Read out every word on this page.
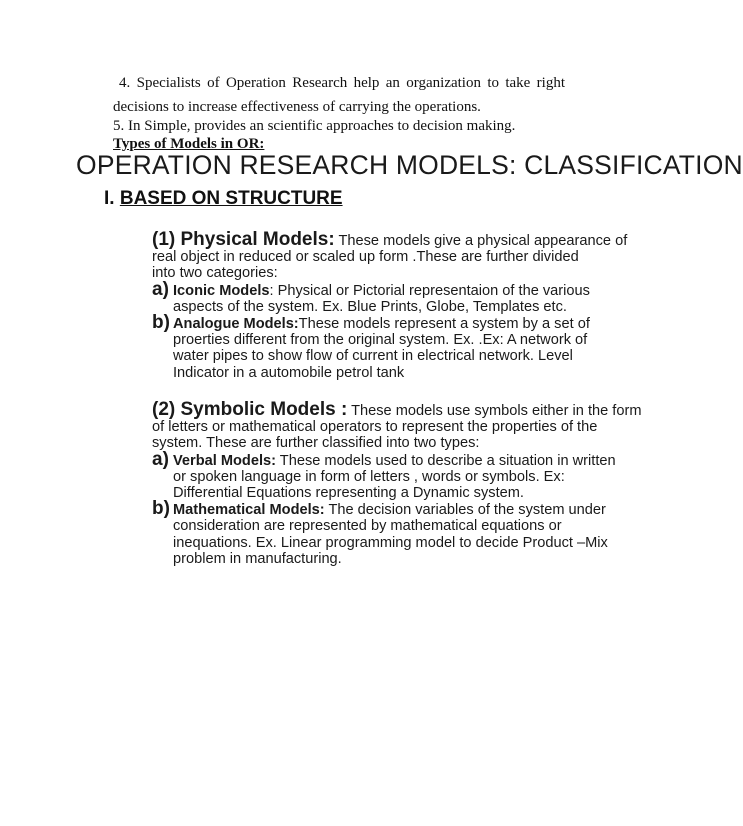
4. Specialists of Operation Research help an organization to take right
decisions to increase effectiveness of carrying the operations.
5. In Simple, provides an scientific approaches to decision making.
Types of Models in OR:
OPERATION RESEARCH MODELS: CLASSIFICATION
I. BASED ON STRUCTURE
(1) Physical Models: These models give a physical appearance of
real object in reduced or scaled up form .These are further divided
into two categories:
a) Iconic Models: Physical or Pictorial representaion of the various
aspects of the system. Ex. Blue Prints, Globe, Templates etc.
b) Analogue Models:These models represent a system by a set of
proerties different from the original system. Ex. .Ex: A network of
water pipes to show flow of current in electrical network. Level
Indicator in a automobile petrol tank
(2) Symbolic Models : These models use symbols either in the form
of letters or mathematical operators to represent the properties of the
system. These are further classified into two types:
a) Verbal Models: These models used to describe a situation in written
or spoken language in form of letters , words or symbols. Ex:
Differential Equations representing a Dynamic system.
b) Mathematical Models: The decision variables of the system under
consideration are represented by mathematical equations or
inequations. Ex. Linear programming model to decide Product –Mix
problem in manufacturing.
